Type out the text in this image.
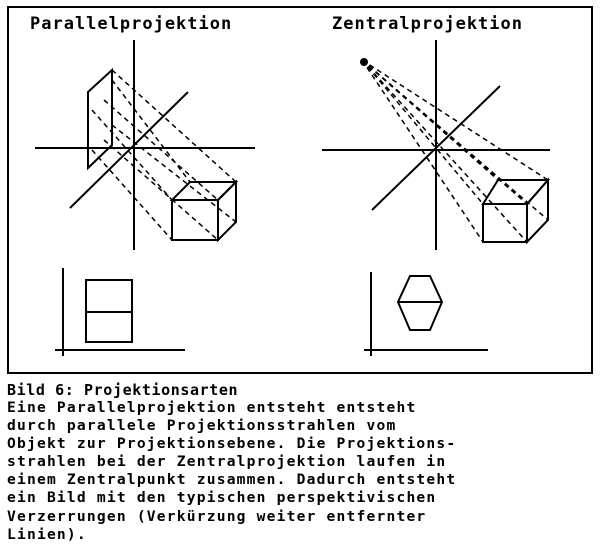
Parallelprojektion	Zentralprojektion
Bild 6: Projektionsarten
Eine Parallelprojektion entsteht entsteht
durch parallele Projektionsstrahlen vom
Objekt zur Projektionsebene. Die Projektions-
strahlen bei der Zentralprojektion laufen in
einem Zentralpunkt zusammen. Dadurch entsteht
ein Bild mit den typischen perspektivischen
Verzerrungen (Verkürzung weiter entfernter
Linien).
